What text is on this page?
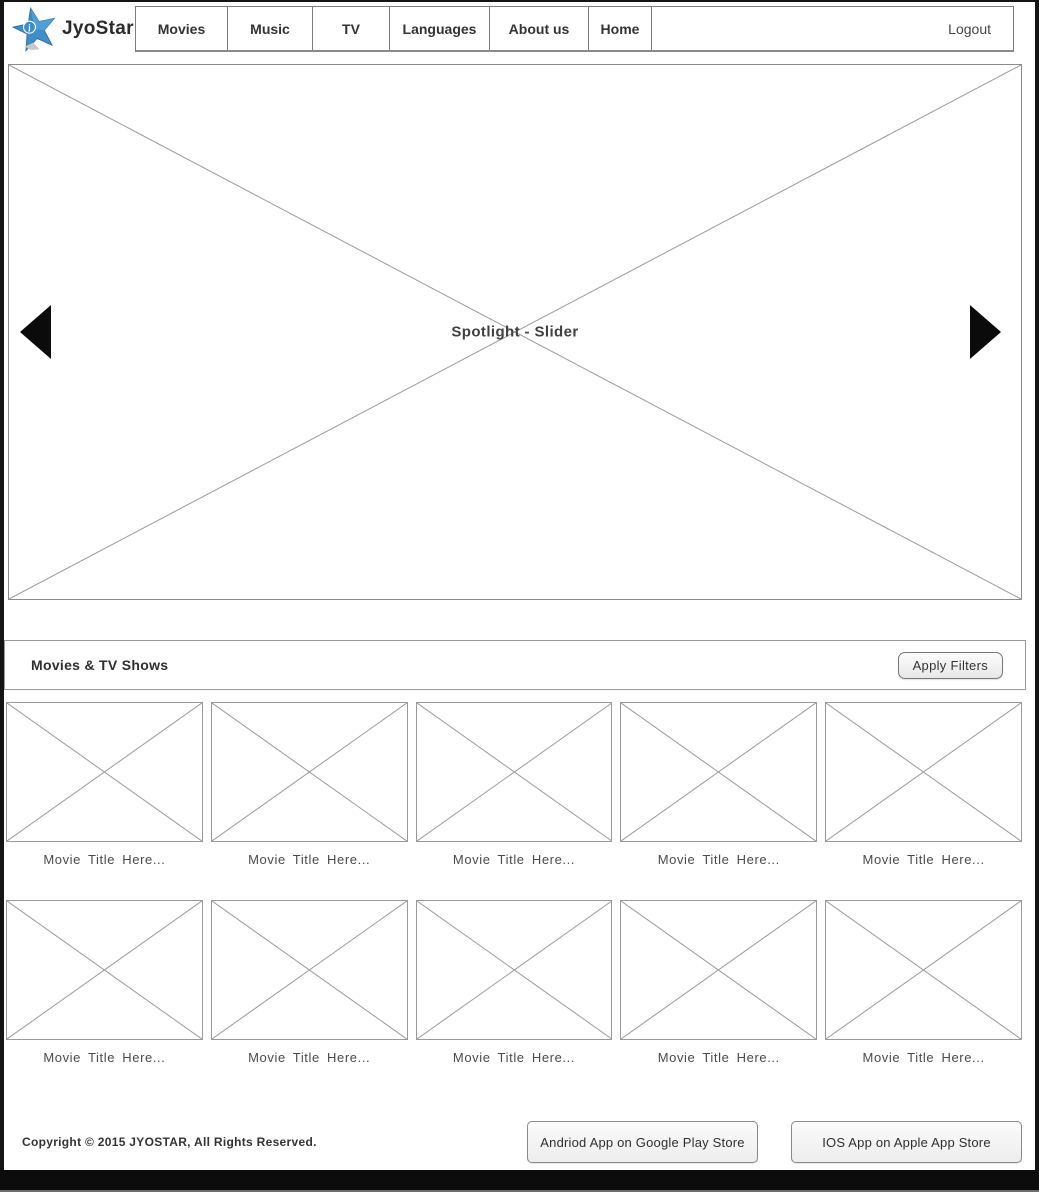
j JyoStar	Movies	Music	TV	Languages	About us	Home	Logout
Spotlight - Slider
Movies & TV Shows	Apply Filters
Movie Title Here...	Movie Title Here...	Movie Title Here...	Movie Title Here...	Movie Title Here...
Movie Title Here...	Movie Title Here...	Movie Title Here...	Movie Title Here...	Movie Title Here...
Copyright © 2015 JYOSTAR, All Rights Reserved.	Andriod App on Google Play Store	IOS App on Apple App Store
